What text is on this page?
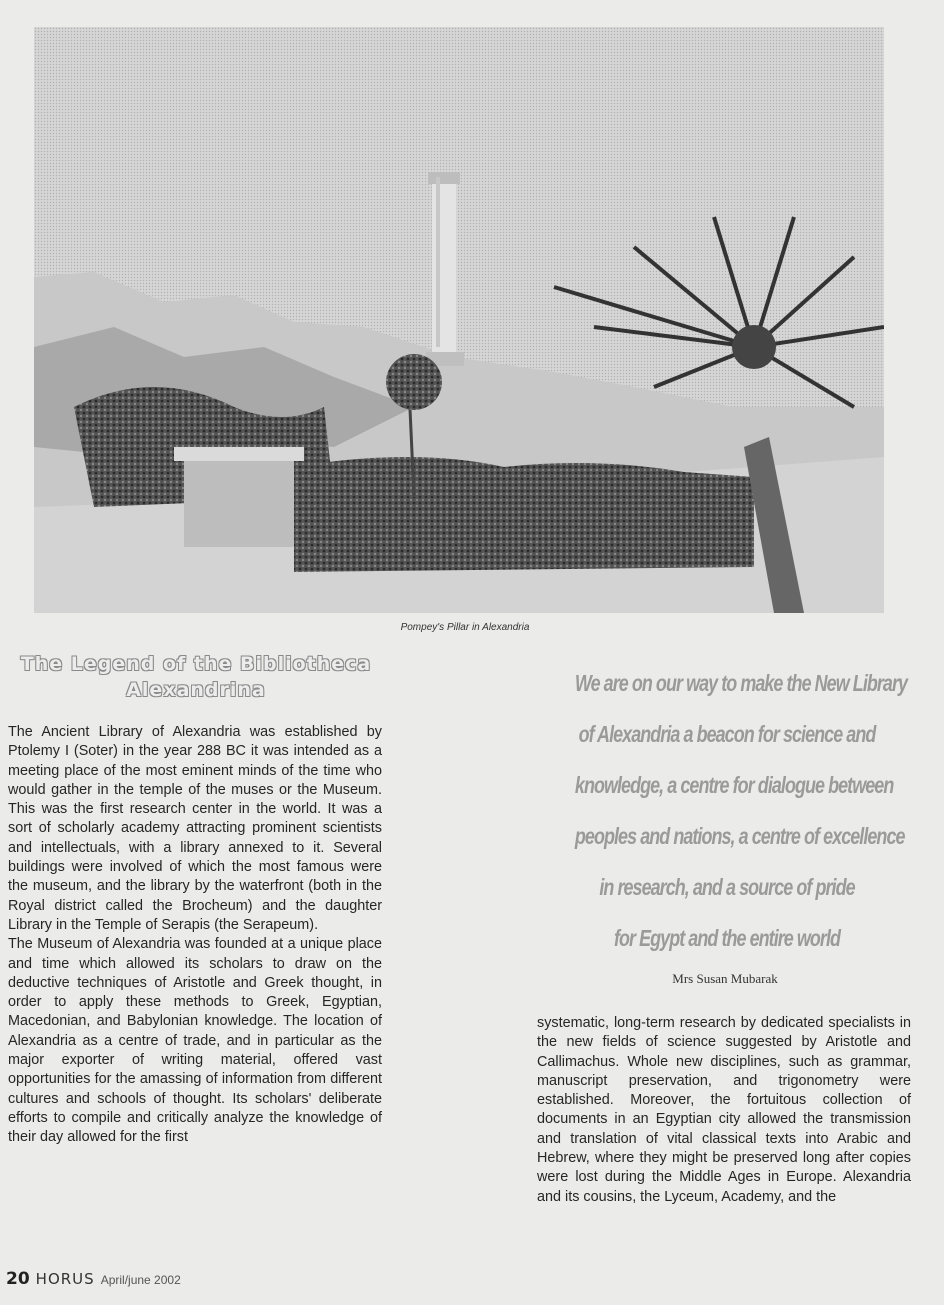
Pompey's Pillar in Alexandria
The Legend of the Bibliotheca
Alexandrina

The Ancient Library of Alexandria was established by Ptolemy I (Soter) in the year 288 BC it was intended as a meeting place of the most eminent minds of the time who would gather in the temple of the muses or the Museum. This was the first research center in the world. It was a sort of scholarly academy attracting prominent scientists and intellectuals, with a library annexed to it. Several buildings were involved of which the most famous were the museum, and the library by the waterfront (both in the Royal district called the Brocheum) and the daughter Library in the Temple of Serapis (the Serapeum).

The Museum of Alexandria was founded at a unique place and time which allowed its scholars to draw on the deductive techniques of Aristotle and Greek thought, in order to apply these methods to Greek, Egyptian, Macedonian, and Babylonian knowledge. The location of Alexandria as a centre of trade, and in particular as the major exporter of writing material, offered vast opportunities for the amassing of information from different cultures and schools of thought. Its scholars' deliberate efforts to compile and critically analyze the knowledge of their day allowed for the first

We are on our way to make the New Library
of Alexandria a beacon for science and
knowledge, a centre for dialogue between
peoples and nations, a centre of excellence
in research, and a source of pride
for Egypt and the entire world
Mrs Susan Mubarak

systematic, long-term research by dedicated specialists in the new fields of science suggested by Aristotle and Callimachus. Whole new disciplines, such as grammar, manuscript preservation, and trigonometry were established. Moreover, the fortuitous collection of documents in an Egyptian city allowed the transmission and translation of vital classical texts into Arabic and Hebrew, where they might be preserved long after copies were lost during the Middle Ages in Europe. Alexandria and its cousins, the Lyceum, Academy, and the

20 HORUS April/june 2002
